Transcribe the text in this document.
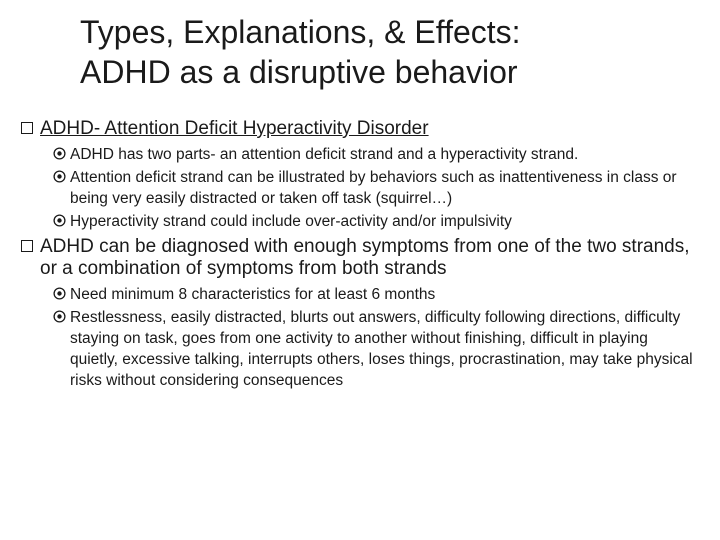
Types, Explanations, & Effects:
ADHD as a disruptive behavior
ADHD- Attention Deficit Hyperactivity Disorder
ADHD has two parts- an attention deficit strand and a hyperactivity strand.
Attention deficit strand can be illustrated by behaviors such as inattentiveness in class or being very easily distracted or taken off task (squirrel…)
Hyperactivity strand could include over-activity and/or impulsivity
ADHD can be diagnosed with enough symptoms from one of the two strands, or a combination of symptoms from both strands
Need minimum 8 characteristics for at least 6 months
Restlessness, easily distracted, blurts out answers, difficulty following directions, difficulty staying on task, goes from one activity to another without finishing, difficult in playing quietly, excessive talking, interrupts others, loses things, procrastination, may take physical risks without considering consequences
